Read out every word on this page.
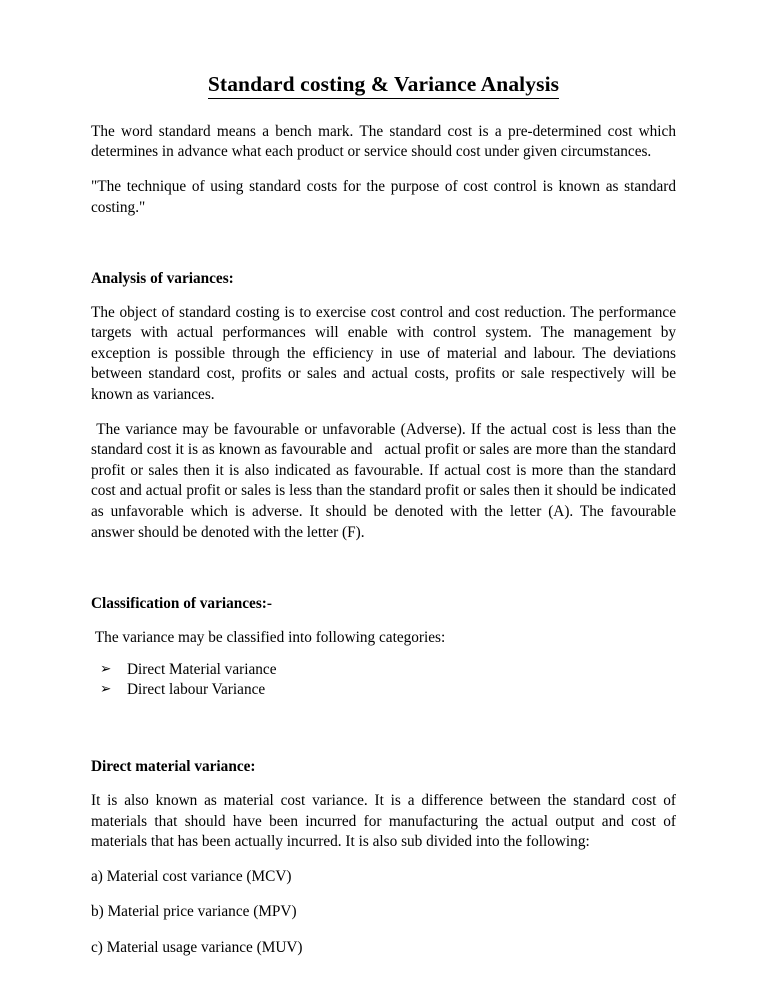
Standard costing & Variance Analysis

The word standard means a bench mark. The standard cost is a pre-determined cost which determines in advance what each product or service should cost under given circumstances.

"The technique of using standard costs for the purpose of cost control is known as standard costing."

Analysis of variances:

The object of standard costing is to exercise cost control and cost reduction. The performance targets with actual performances will enable with control system. The management by exception is possible through the efficiency in use of material and labour. The deviations between standard cost, profits or sales and actual costs, profits or sale respectively will be known as variances.

The variance may be favourable or unfavorable (Adverse). If the actual cost is less than the standard cost it is as known as favourable and   actual profit or sales are more than the standard profit or sales then it is also indicated as favourable. If actual cost is more than the standard cost and actual profit or sales is less than the standard profit or sales then it should be indicated as unfavorable which is adverse. It should be denoted with the letter (A). The favourable answer should be denoted with the letter (F).

Classification of variances:-

The variance may be classified into following categories:

➢ Direct Material variance
➢ Direct labour Variance
Direct material variance:

It is also known as material cost variance. It is a difference between the standard cost of materials that should have been incurred for manufacturing the actual output and cost of materials that has been actually incurred. It is also sub divided into the following:

a) Material cost variance (MCV)
b) Material price variance (MPV)
c) Material usage variance (MUV)
